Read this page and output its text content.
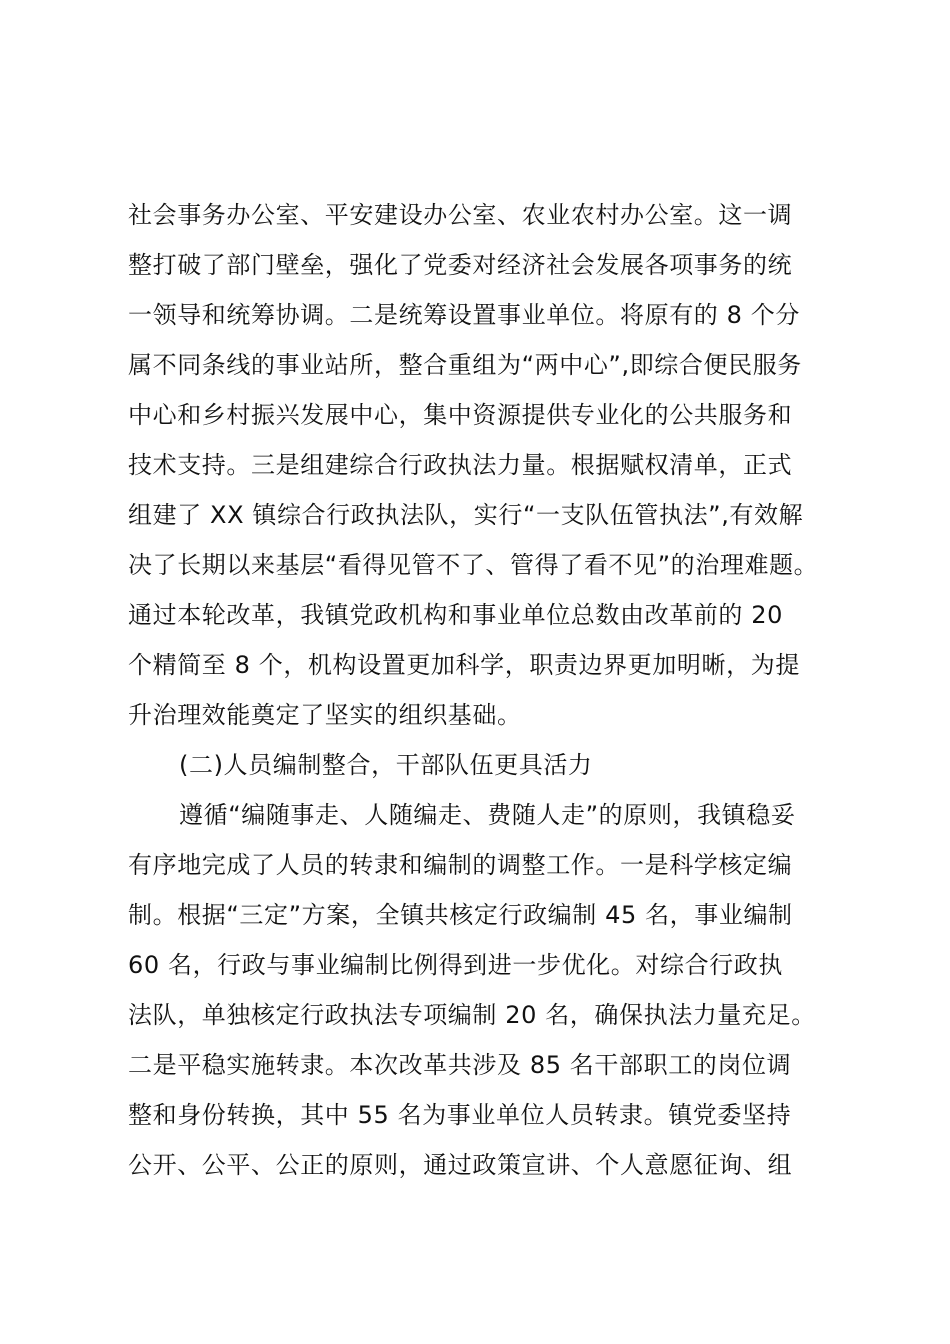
社会事务办公室、平安建设办公室、农业农村办公室。这一调
整打破了部门壁垒，强化了党委对经济社会发展各项事务的统
一领导和统筹协调。二是统筹设置事业单位。将原有的 8 个分
属不同条线的事业站所，整合重组为“两中心”,即综合便民服务
中心和乡村振兴发展中心，集中资源提供专业化的公共服务和
技术支持。三是组建综合行政执法力量。根据赋权清单，正式
组建了 XX 镇综合行政执法队，实行“一支队伍管执法”,有效解
决了长期以来基层“看得见管不了、管得了看不见”的治理难题。
通过本轮改革，我镇党政机构和事业单位总数由改革前的 20
个精简至 8 个，机构设置更加科学，职责边界更加明晰，为提
升治理效能奠定了坚实的组织基础。
(二)人员编制整合，干部队伍更具活力
遵循“编随事走、人随编走、费随人走”的原则，我镇稳妥
有序地完成了人员的转隶和编制的调整工作。一是科学核定编
制。根据“三定”方案，全镇共核定行政编制 45 名，事业编制
60 名，行政与事业编制比例得到进一步优化。对综合行政执
法队，单独核定行政执法专项编制 20 名，确保执法力量充足。
二是平稳实施转隶。本次改革共涉及 85 名干部职工的岗位调
整和身份转换，其中 55 名为事业单位人员转隶。镇党委坚持
公开、公平、公正的原则，通过政策宣讲、个人意愿征询、组
